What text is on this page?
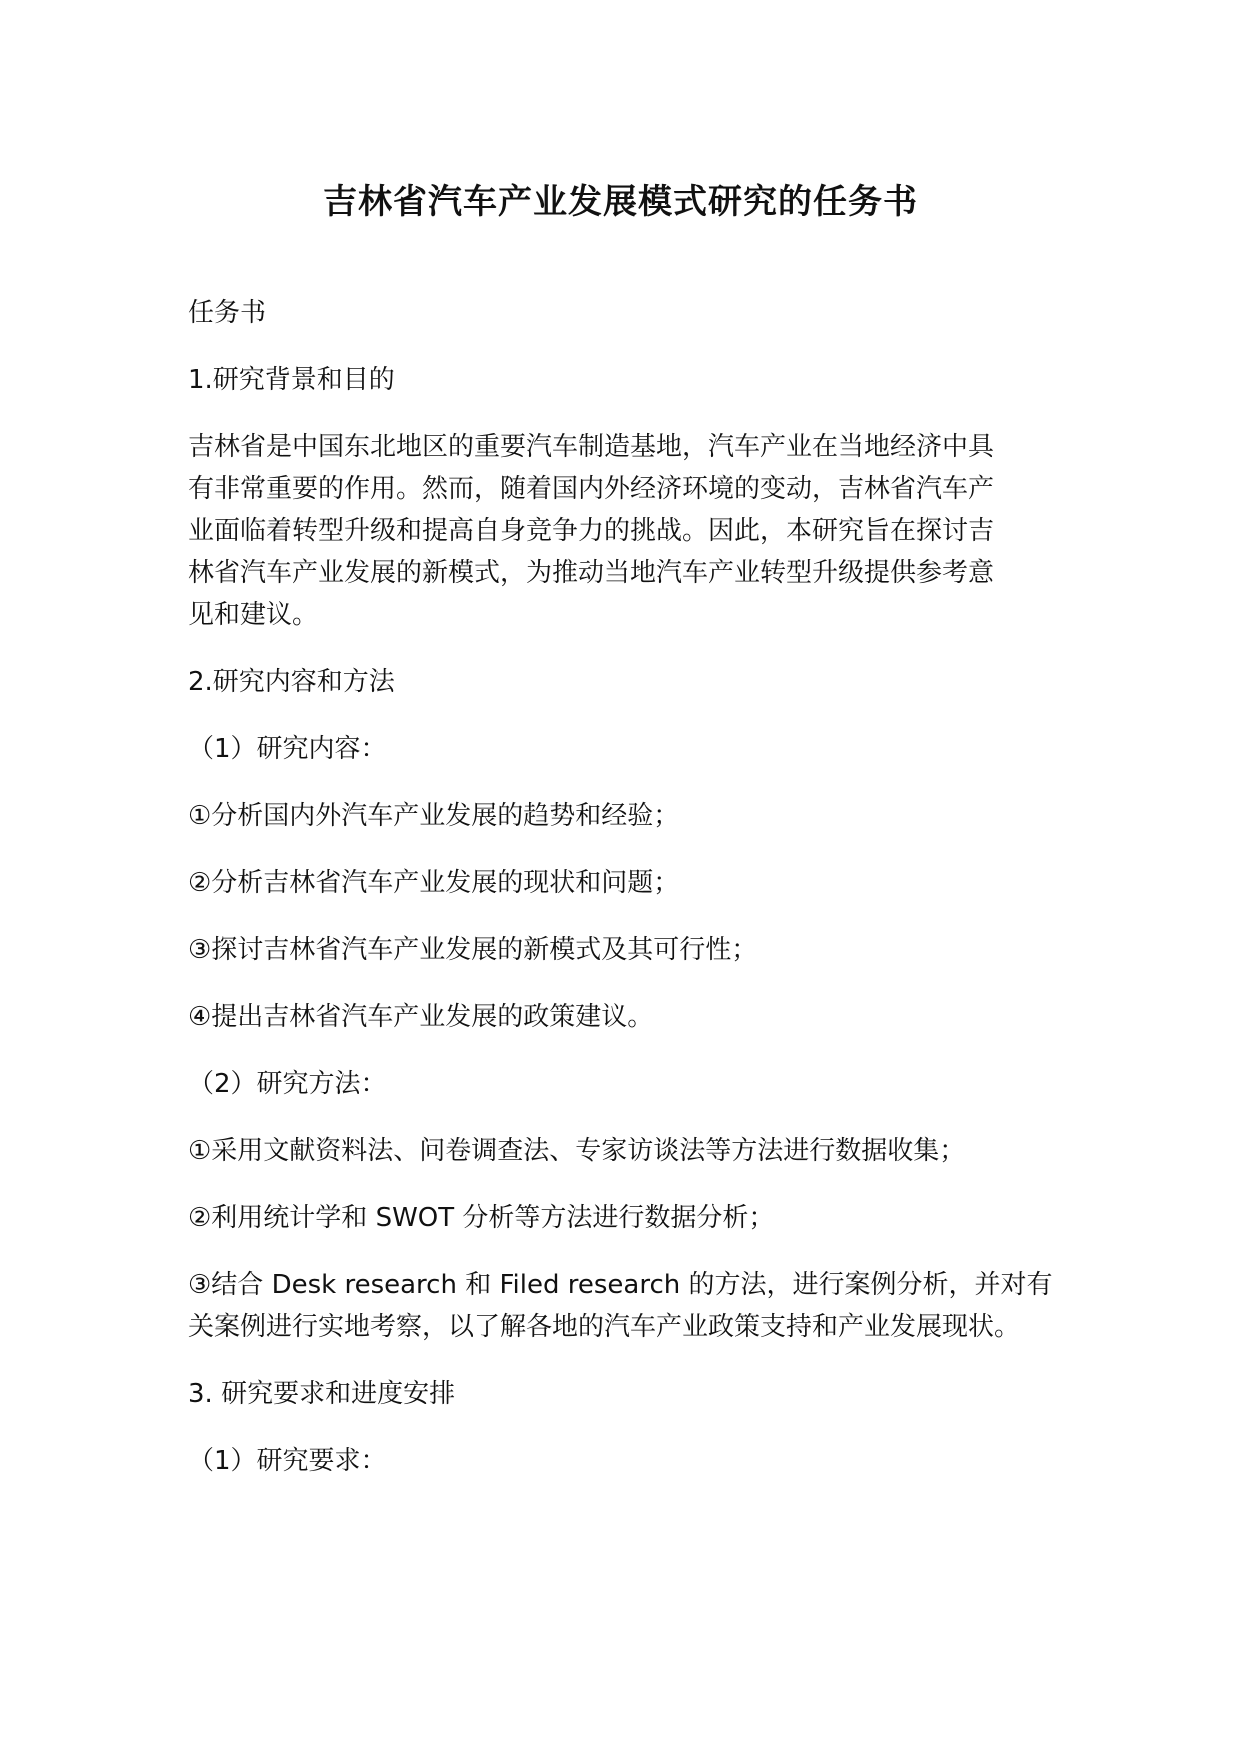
吉林省汽车产业发展模式研究的任务书

任务书

1.研究背景和目的

吉林省是中国东北地区的重要汽车制造基地，汽车产业在当地经济中具
有非常重要的作用。然而，随着国内外经济环境的变动，吉林省汽车产
业面临着转型升级和提高自身竞争力的挑战。因此，本研究旨在探讨吉
林省汽车产业发展的新模式，为推动当地汽车产业转型升级提供参考意
见和建议。

2.研究内容和方法

（1）研究内容：

①分析国内外汽车产业发展的趋势和经验；

②分析吉林省汽车产业发展的现状和问题；

③探讨吉林省汽车产业发展的新模式及其可行性；

④提出吉林省汽车产业发展的政策建议。

（2）研究方法：

①采用文献资料法、问卷调查法、专家访谈法等方法进行数据收集；

②利用统计学和 SWOT 分析等方法进行数据分析；

③结合 Desk research 和 Filed research 的方法，进行案例分析，并对有
关案例进行实地考察，以了解各地的汽车产业政策支持和产业发展现状。

3. 研究要求和进度安排

（1）研究要求：
